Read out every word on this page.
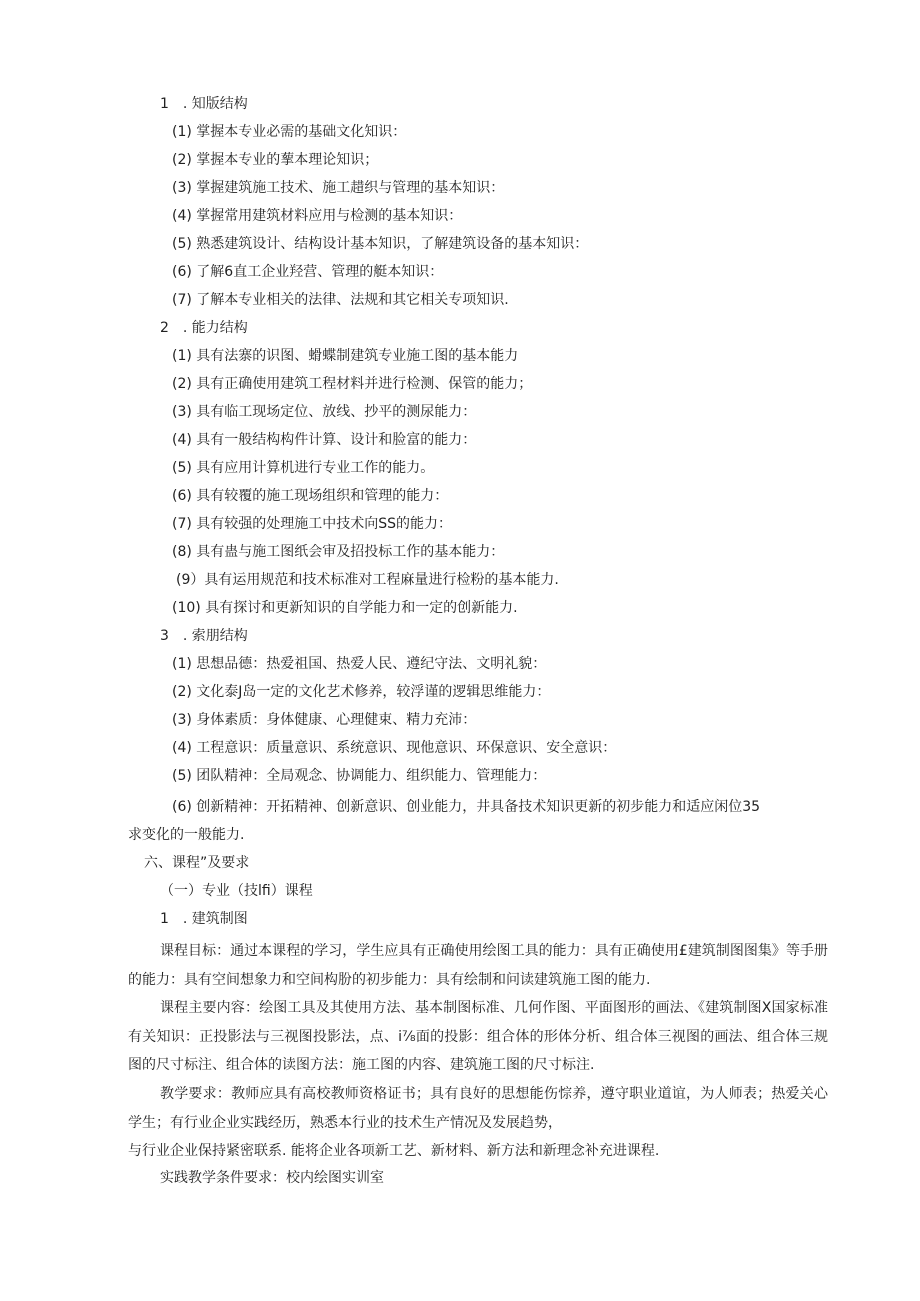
1　. 知版结构
(1) 掌握本专业必需的基础文化知识：
(2) 掌握本专业的蒘本理论知识；
(3) 掌握建筑施工技术、施工趞织与管理的基本知识：
(4) 掌握常用建筑材料应用与检测的基本知识：
(5) 熟悉建筑设计、结构设计基本知识，了解建筑设备的基本知识：
(6) 了解6直工企业羟营、管理的艇本知识：
(7) 了解本专业相关的法律、法规和其它相关专项知识.
2　. 能力结构
(1) 具有法寨的识图、螖蝶制建筑专业施工图的基本能力
(2) 具有正确使用建筑工程材料并进行检测、保管的能力；
(3) 具有临工现场定位、放线、抄平的测尿能力：
(4) 具有一般结构构件计算、设计和脸富的能力：
(5) 具有应用计算机进行专业工作的能力。
(6) 具有较覆的施工现场组织和管理的能力：
(7) 具有较强的处理施工中技术向SS的能力：
(8) 具有蛊与施工图纸会审及招投标工作的基本能力：
(9）具有运用规范和技术标准对工程麻量进行检粉的基本能力.
(10) 具有探讨和更新知识的自学能力和一定的创新能力.
3　. 索朋结构
(1) 思想品德：热爱祖国、热爱人民、遵纪守法、文明礼貌：
(2) 文化泰J岛一定的文化艺术修养，较浮谨的逻辑思维能力：
(3) 身体素质：身体健康、心理健束、精力充沛：
(4) 工程意识：质量意识、系统意识、现他意识、环保意识、安全意识：
(5) 团队精神：全局观念、协调能力、组织能力、管理能力：
(6) 创新精神：开拓精神、创新意识、创业能力，井具备技术知识更新的初步能力和适应闲位35
求变化的一般能力.
六、课程”及要求
（一）专业（技lfi）课程
1　. 建筑制图

课程目标：通过本课程的学习，学生应具有正确使用绘图工具的能力：具有正确使用£建筑制图图集》等手册的能力：具有空间想象力和空间构朌的初步能力：具有绘制和问读建筑施工图的能力.

课程主要内容：绘图工具及其使用方法、基本制图标准、几何作图、平面图形的画法、《建筑制图X国家标准有关知识：正投影法与三视图投影法，点、i⅞面的投影：组合体的形体分析、组合体三视图的画法、组合体三规图的尺寸标注、组合体的读图方法：施工图的内容、建筑施工图的尺寸标注.

教学要求：教师应具有高校教师资格证书；具有良好的思想能伤悰养，遵守职业道谊，为人师表；热爱关心学生；有行业企业实践经历，熟悉本行业的技术生产情况及发展趋势，

与行业企业保持紧密联系. 能将企业各项新工艺、新材料、新方法和新理念补充进课程.

实践教学条件要求：校内绘图实训室
